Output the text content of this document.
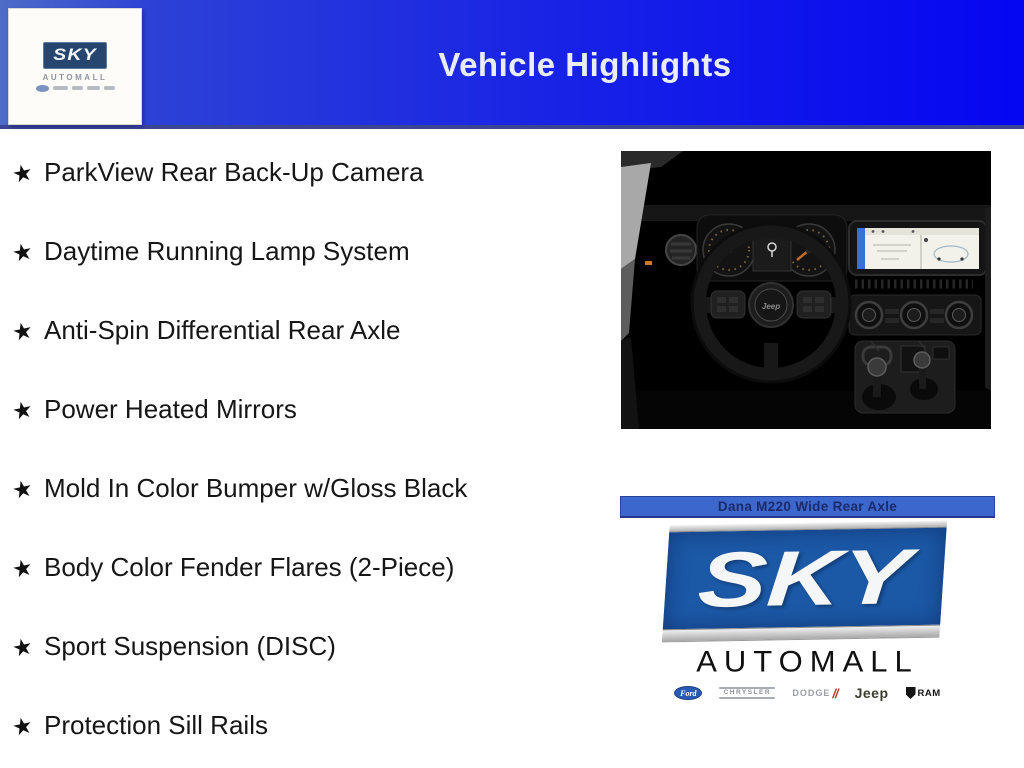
Vehicle Highlights
SKY
AUTOMALL
★ ParkView Rear Back-Up Camera
★ Daytime Running Lamp System
★ Anti-Spin Differential Rear Axle
★ Power Heated Mirrors
★ Mold In Color Bumper w/Gloss Black
★ Body Color Fender Flares (2-Piece)
★ Sport Suspension (DISC)
★ Protection Sill Rails
Jeep
Dana M220 Wide Rear Axle
SKY
AUTOMALL
Ford	CHRYSLER DODGE // Jeep	RAM
